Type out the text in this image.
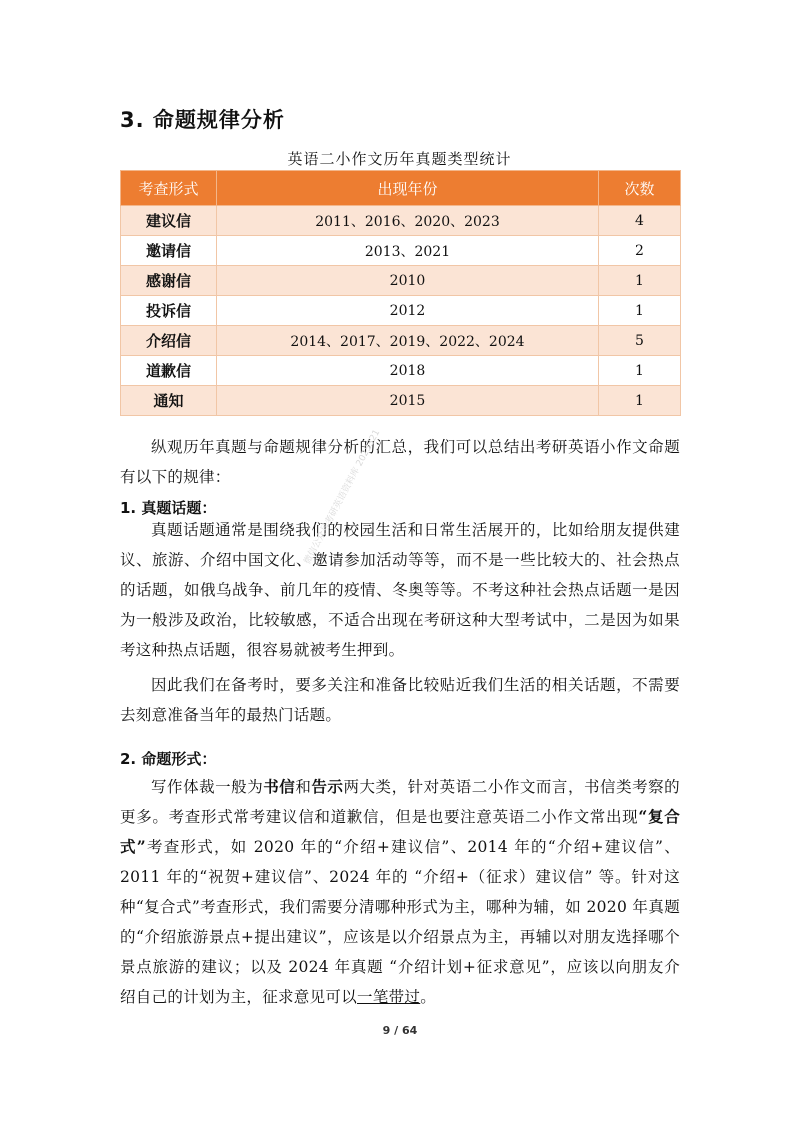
3. 命题规律分析

英语二小作文历年真题类型统计

考查形式	出现年份	次数
建议信	2011、2016、2020、2023	4
邀请信	2013、2021	2
感谢信	2010	1
投诉信	2012	1
介绍信	2014、2017、2019、2022、2024	5
道歉信	2018	1
通知	2015	1

纵观历年真题与命题规律分析的汇总，我们可以总结出考研英语小作文命题有以下的规律：

1. 真题话题：

真题话题通常是围绕我们的校园生活和日常生活展开的，比如给朋友提供建议、旅游、介绍中国文化、邀请参加活动等等，而不是一些比较大的、社会热点的话题，如俄乌战争、前几年的疫情、冬奥等等。不考这种社会热点话题一是因为一般涉及政治，比较敏感，不适合出现在考研这种大型考试中，二是因为如果考这种热点话题，很容易就被考生押到。

因此我们在备考时，要多关注和准备比较贴近我们生活的相关话题，不需要去刻意准备当年的最热门话题。

2. 命题形式：

写作体裁一般为书信和告示两大类，针对英语二小作文而言，书信类考察的更多。考查形式常考建议信和道歉信，但是也要注意英语二小作文常出现“复合式”考查形式，如 2020 年的“介绍+建议信”、2014 年的“介绍+建议信”、2011 年的“祝贺+建议信”、2024 年的 “介绍+（征求）建议信” 等。针对这种“复合式”考查形式，我们需要分清哪种形式为主，哪种为辅，如 2020 年真题的“介绍旅游景点+提出建议”，应该是以介绍景点为主，再辅以对朋友选择哪个景点旅游的建议；以及 2024 年真题 “介绍计划+征求意见”，应该以向朋友介绍自己的计划为主，征求意见可以一笔带过。

微信公众号考研英语资料库 2025321

9 / 64
